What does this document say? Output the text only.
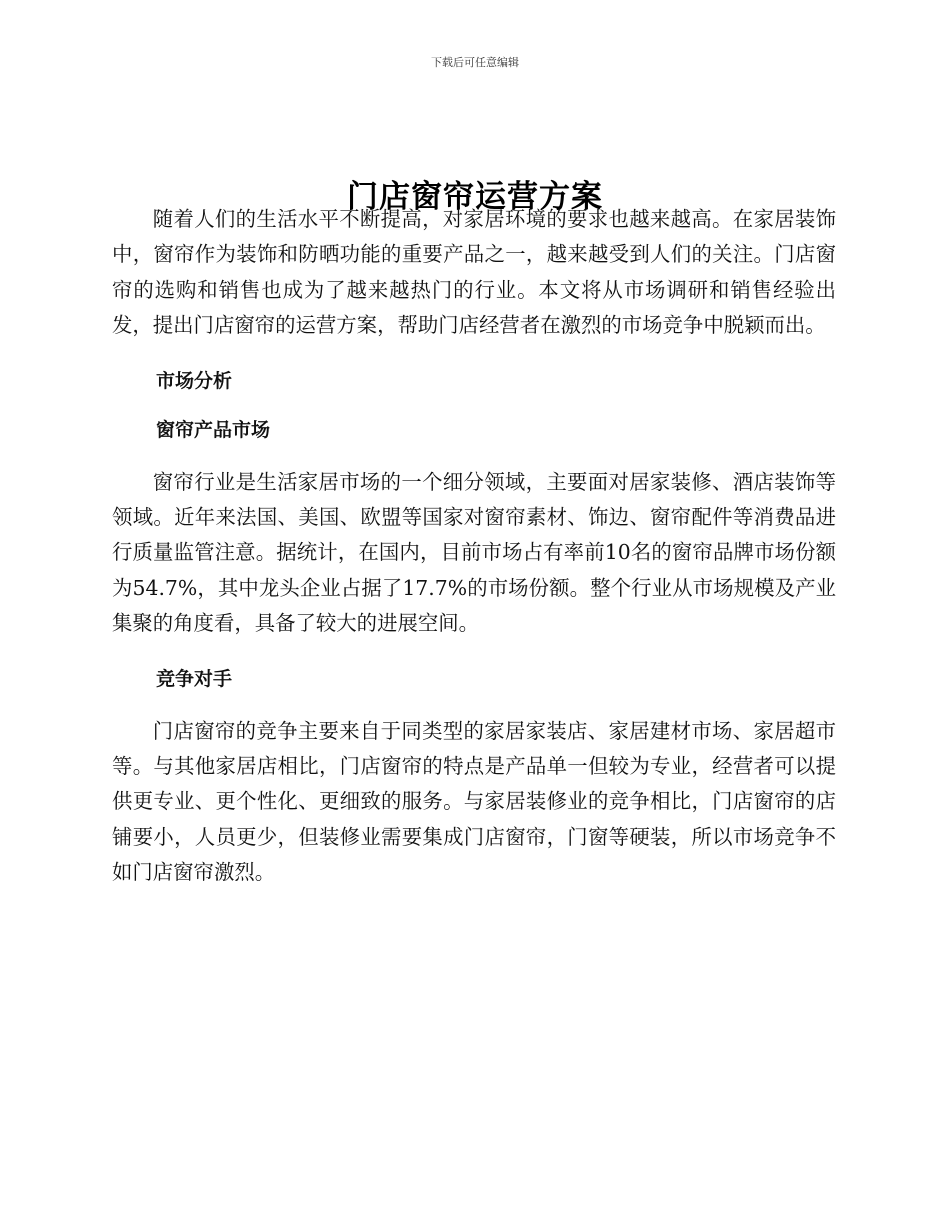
下载后可任意编辑
门店窗帘运营方案

随着人们的生活水平不断提高，对家居环境的要求也越来越高。在家居装饰中，窗帘作为装饰和防晒功能的重要产品之一，越来越受到人们的关注。门店窗帘的选购和销售也成为了越来越热门的行业。本文将从市场调研和销售经验出发，提出门店窗帘的运营方案，帮助门店经营者在激烈的市场竞争中脱颖而出。

市场分析
窗帘产品市场

窗帘行业是生活家居市场的一个细分领域，主要面对居家装修、酒店装饰等领域。近年来法国、美国、欧盟等国家对窗帘素材、饰边、窗帘配件等消费品进行质量监管注意。据统计，在国内，目前市场占有率前10名的窗帘品牌市场份额为54.7%，其中龙头企业占据了17.7%的市场份额。整个行业从市场规模及产业集聚的角度看，具备了较大的进展空间。

竞争对手

门店窗帘的竞争主要来自于同类型的家居家装店、家居建材市场、家居超市等。与其他家居店相比，门店窗帘的特点是产品单一但较为专业，经营者可以提供更专业、更个性化、更细致的服务。与家居装修业的竞争相比，门店窗帘的店铺要小，人员更少，但装修业需要集成门店窗帘，门窗等硬装，所以市场竞争不如门店窗帘激烈。
